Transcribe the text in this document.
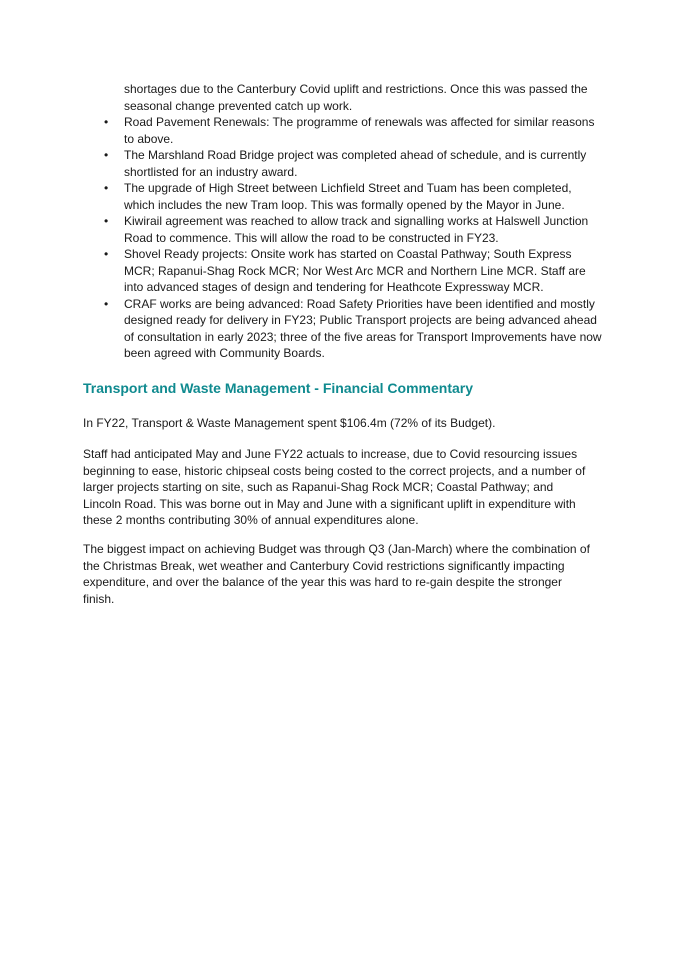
shortages due to the Canterbury Covid uplift and restrictions. Once this was passed the seasonal change prevented catch up work.

• Road Pavement Renewals: The programme of renewals was affected for similar reasons to above.
• The Marshland Road Bridge project was completed ahead of schedule, and is currently shortlisted for an industry award.
• The upgrade of High Street between Lichfield Street and Tuam has been completed, which includes the new Tram loop. This was formally opened by the Mayor in June.
• Kiwirail agreement was reached to allow track and signalling works at Halswell Junction Road to commence. This will allow the road to be constructed in FY23.
• Shovel Ready projects: Onsite work has started on Coastal Pathway; South Express MCR; Rapanui-Shag Rock MCR; Nor West Arc MCR and Northern Line MCR. Staff are into advanced stages of design and tendering for Heathcote Expressway MCR.
• CRAF works are being advanced: Road Safety Priorities have been identified and mostly designed ready for delivery in FY23; Public Transport projects are being advanced ahead of consultation in early 2023; three of the five areas for Transport Improvements have now been agreed with Community Boards.
Transport and Waste Management - Financial Commentary

In FY22, Transport & Waste Management spent $106.4m (72% of its Budget).

Staff had anticipated May and June FY22 actuals to increase, due to Covid resourcing issues beginning to ease, historic chipseal costs being costed to the correct projects, and a number of larger projects starting on site, such as Rapanui-Shag Rock MCR; Coastal Pathway; and Lincoln Road. This was borne out in May and June with a significant uplift in expenditure with these 2 months contributing 30% of annual expenditures alone.

The biggest impact on achieving Budget was through Q3 (Jan-March) where the combination of the Christmas Break, wet weather and Canterbury Covid restrictions significantly impacting expenditure, and over the balance of the year this was hard to re-gain despite the stronger finish.
